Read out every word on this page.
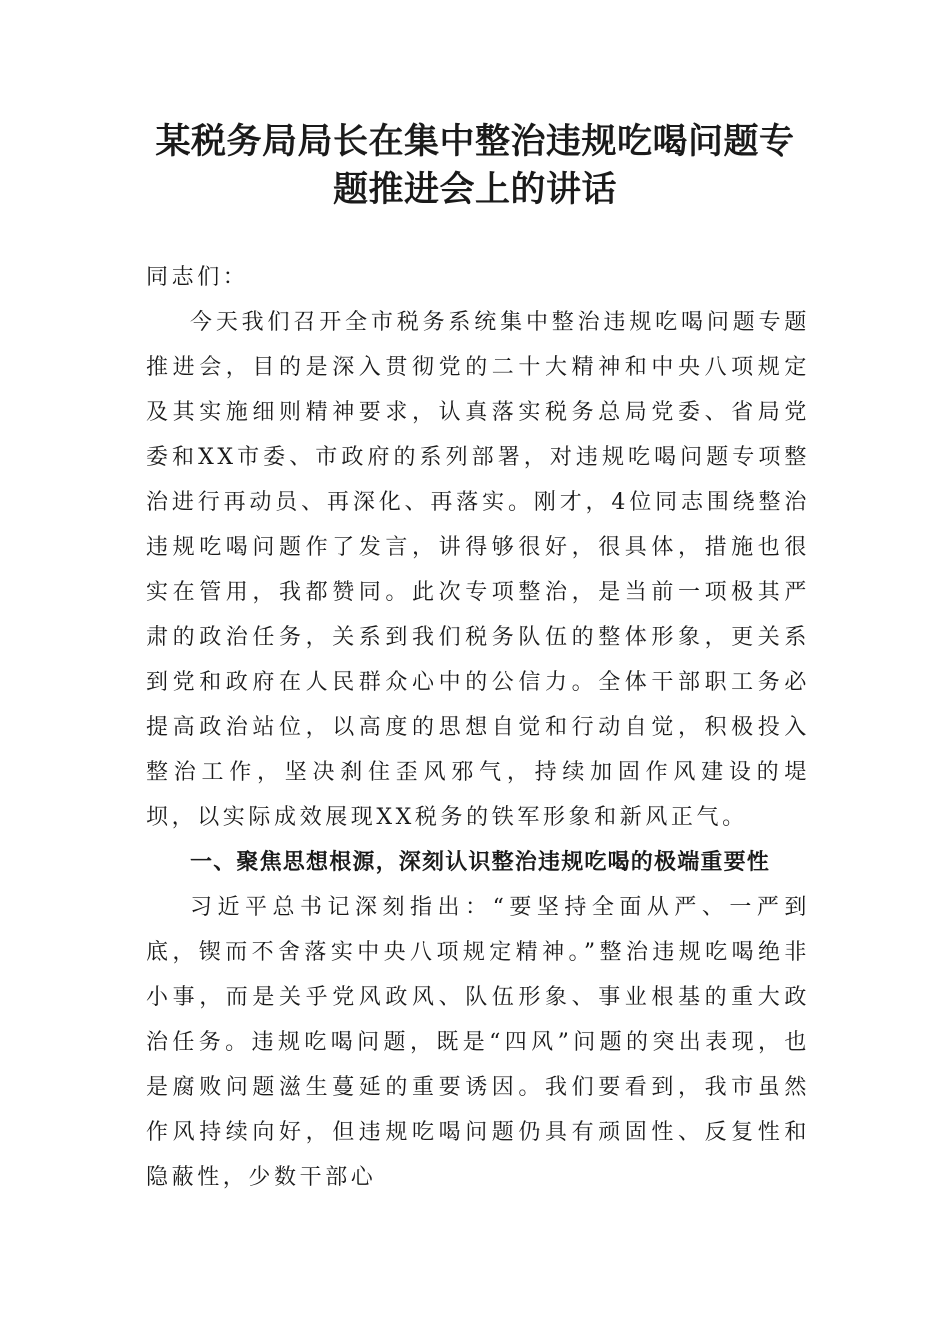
某税务局局长在集中整治违规吃喝问题专题推进会上的讲话

同志们：

今天我们召开全市税务系统集中整治违规吃喝问题专题推进会，目的是深入贯彻党的二十大精神和中央八项规定及其实施细则精神要求，认真落实税务总局党委、省局党委和XX市委、市政府的系列部署，对违规吃喝问题专项整治进行再动员、再深化、再落实。刚才，4位同志围绕整治违规吃喝问题作了发言，讲得够很好，很具体，措施也很实在管用，我都赞同。此次专项整治，是当前一项极其严肃的政治任务，关系到我们税务队伍的整体形象，更关系到党和政府在人民群众心中的公信力。全体干部职工务必提高政治站位，以高度的思想自觉和行动自觉，积极投入整治工作，坚决刹住歪风邪气，持续加固作风建设的堤坝，以实际成效展现XX税务的铁军形象和新风正气。

一、聚焦思想根源，深刻认识整治违规吃喝的极端重要性

习近平总书记深刻指出：“要坚持全面从严、一严到底，锲而不舍落实中央八项规定精神。”整治违规吃喝绝非小事，而是关乎党风政风、队伍形象、事业根基的重大政治任务。违规吃喝问题，既是“四风”问题的突出表现，也是腐败问题滋生蔓延的重要诱因。我们要看到，我市虽然作风持续向好，但违规吃喝问题仍具有顽固性、反复性和隐蔽性，少数干部心
